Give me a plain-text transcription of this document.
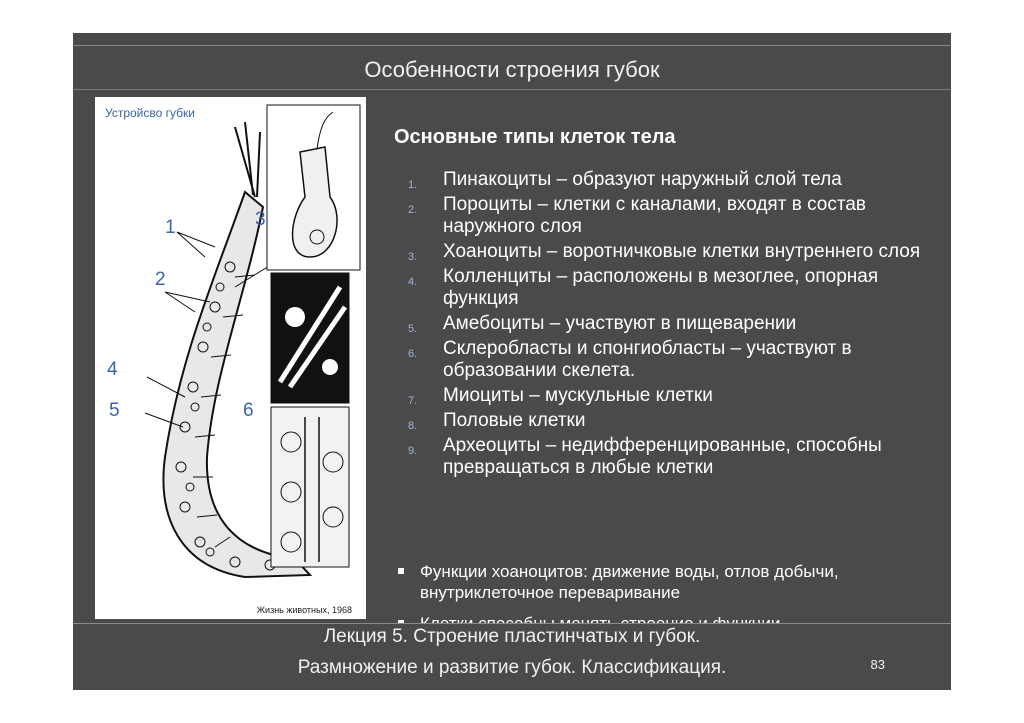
Особенности строения губок
Устройсво губки
1
2
3
4
5	6
Жизнь животных, 1968
Основные типы клеток тела
1. Пинакоциты – образуют наружный слой тела
2. Пороциты – клетки с каналами, входят в состав наружного слоя
3. Хоаноциты – воротничковые клетки внутреннего слоя
4. Колленциты – расположены в мезоглее, опорная функция
5. Амебоциты – участвуют в пищеварении
6. Склеробласты и спонгиобласты – участвуют в образовании скелета.
7. Миоциты – мускульные клетки
8. Половые клетки
9. Археоциты – недифференцированные, способны превращаться в любые клетки
Функции хоаноцитов: движение воды, отлов добычи, внутриклеточное переваривание
Лекция 5. Строение пластинчатых и губок.
Размножение и развитие губок. Классификация.	83
